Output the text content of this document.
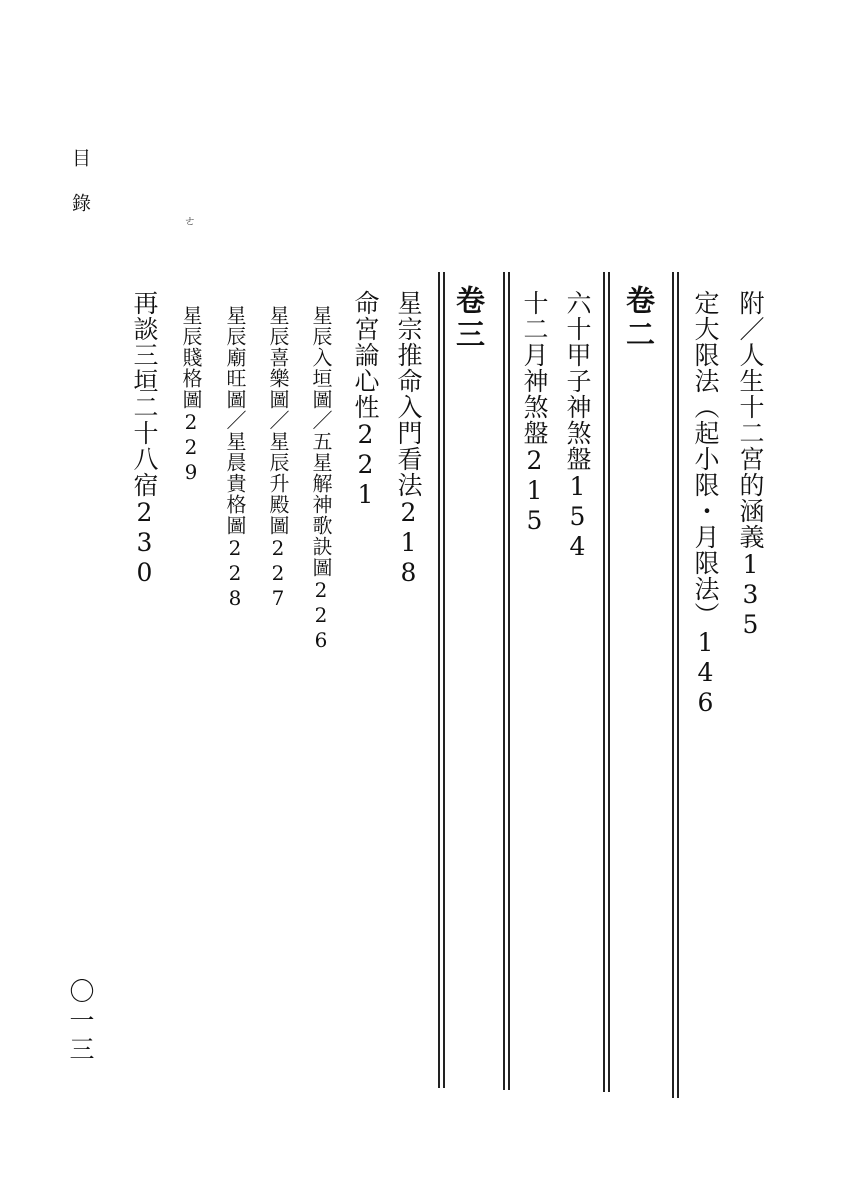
目錄	ㄜ
附／人生十二宮的涵義135
定大限法（起小限・月限法）146
卷二
六十甲子神煞盤154
十二月神煞盤215
卷三
星宗推命入門看法218
命宮論心性221
星辰入垣圖／五星解神歌訣圖226
星辰喜樂圖／星辰升殿圖227
星辰廟旺圖／星晨貴格圖228
星辰賤格圖229
再談三垣二十八宿230
〇一三
